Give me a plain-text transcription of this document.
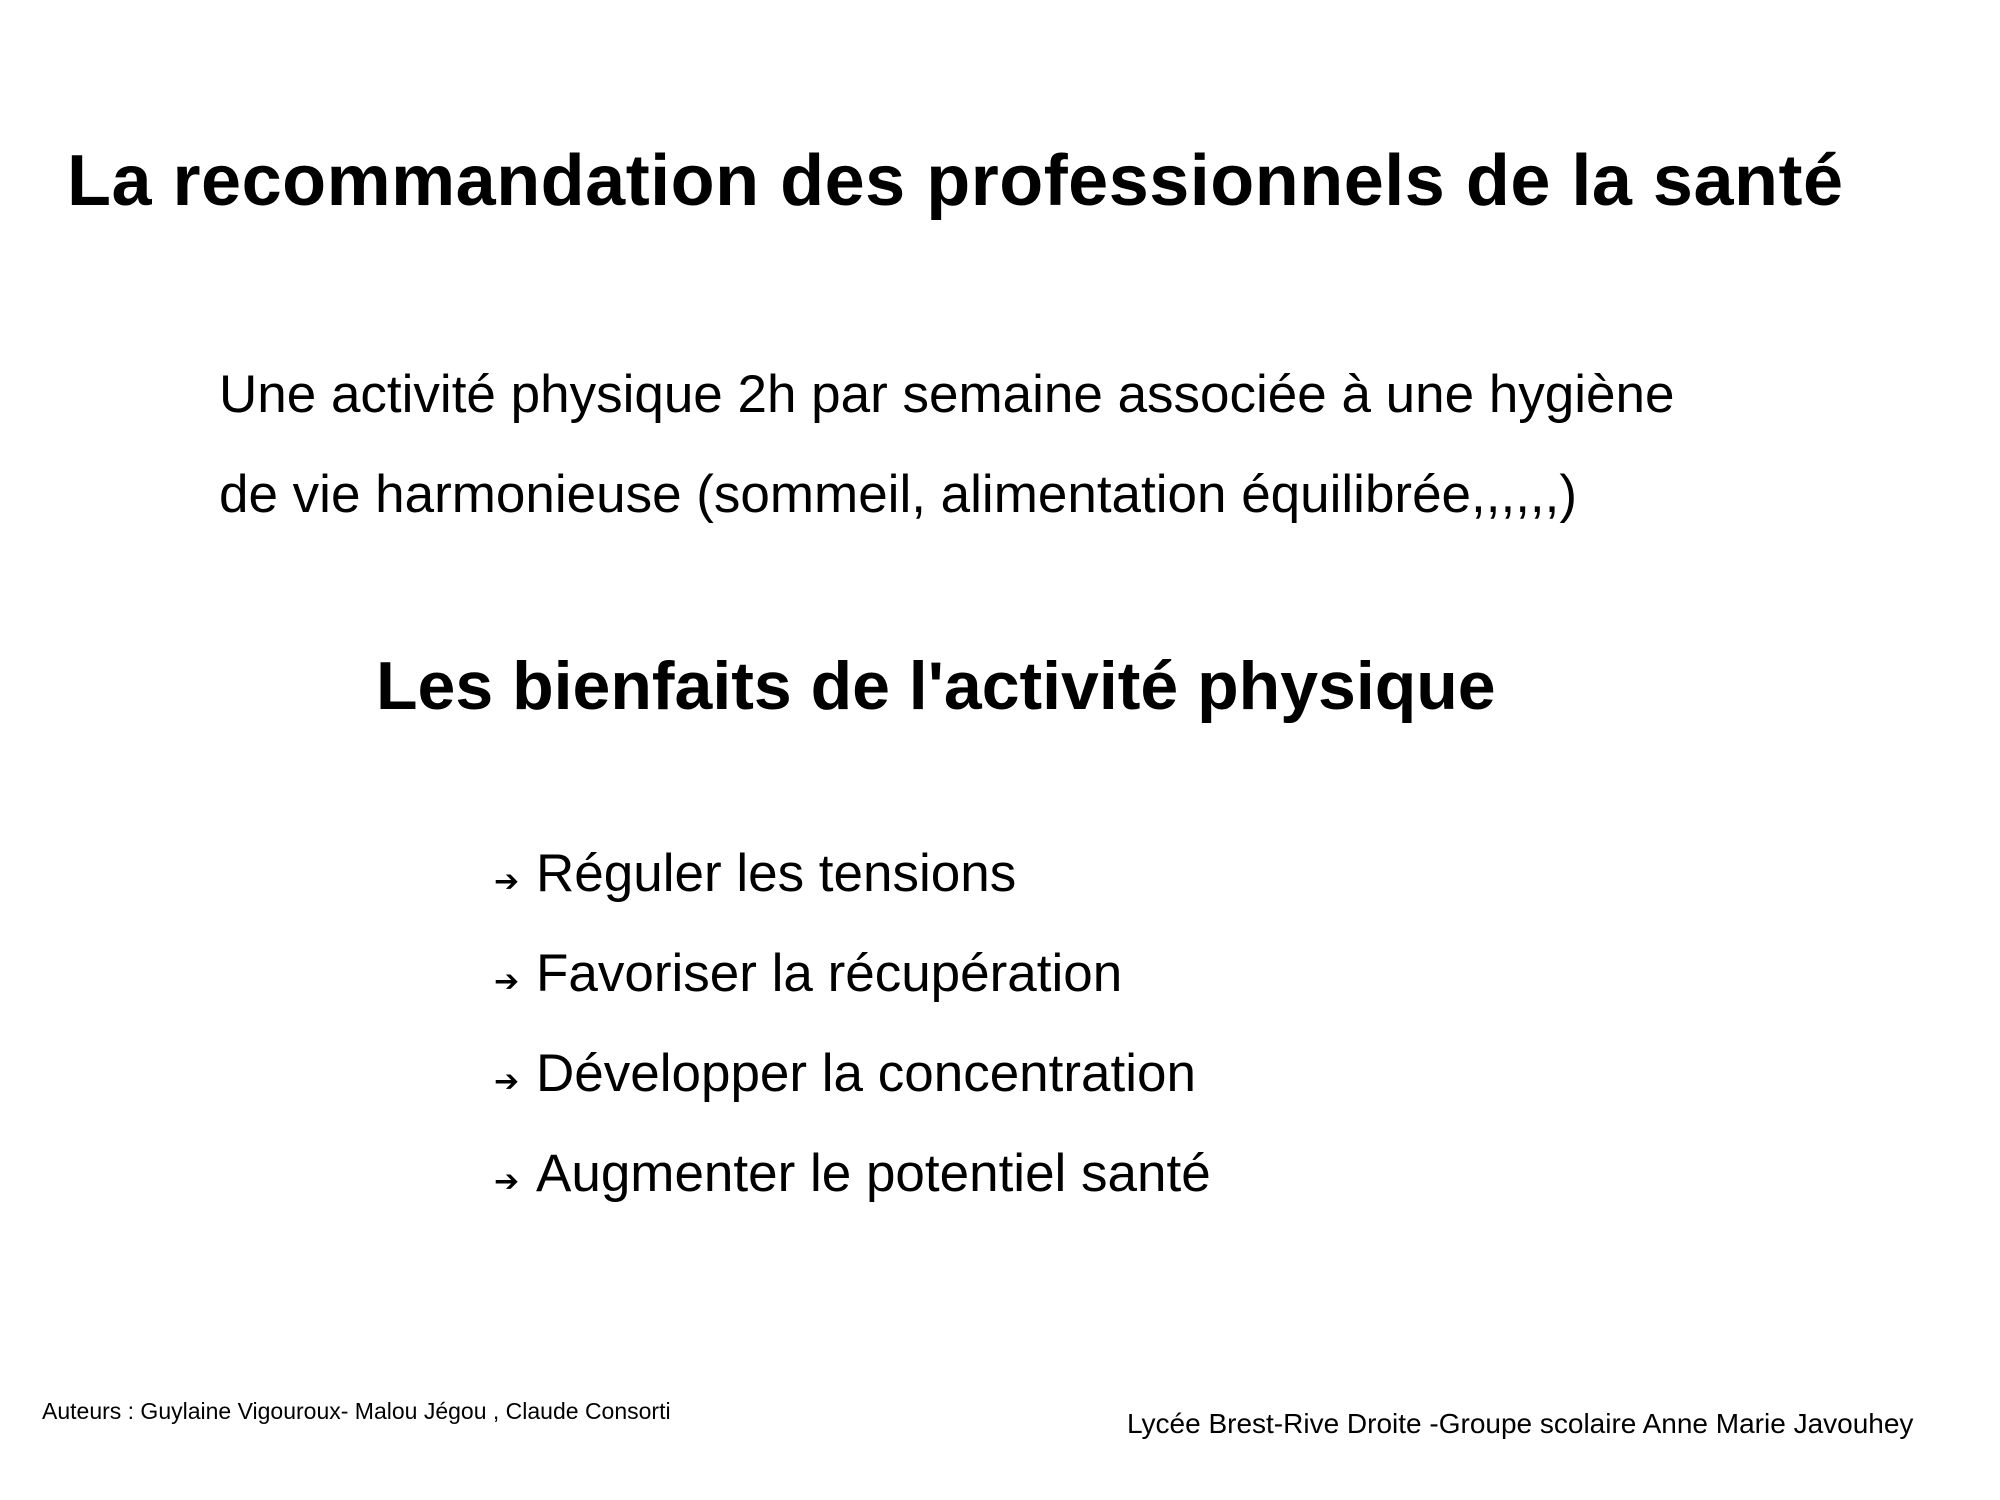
La recommandation des professionnels de la santé
Une activité physique 2h par semaine associée à une hygiène
de vie harmonieuse (sommeil, alimentation équilibrée,,,,,,)
Les bienfaits de l'activité physique
➔ Réguler les tensions
➔ Favoriser la récupération
➔ Développer la concentration
➔ Augmenter le potentiel santé
Auteurs : Guylaine Vigouroux- Malou Jégou , Claude Consorti	Lycée Brest-Rive Droite -Groupe scolaire Anne Marie Javouhey
